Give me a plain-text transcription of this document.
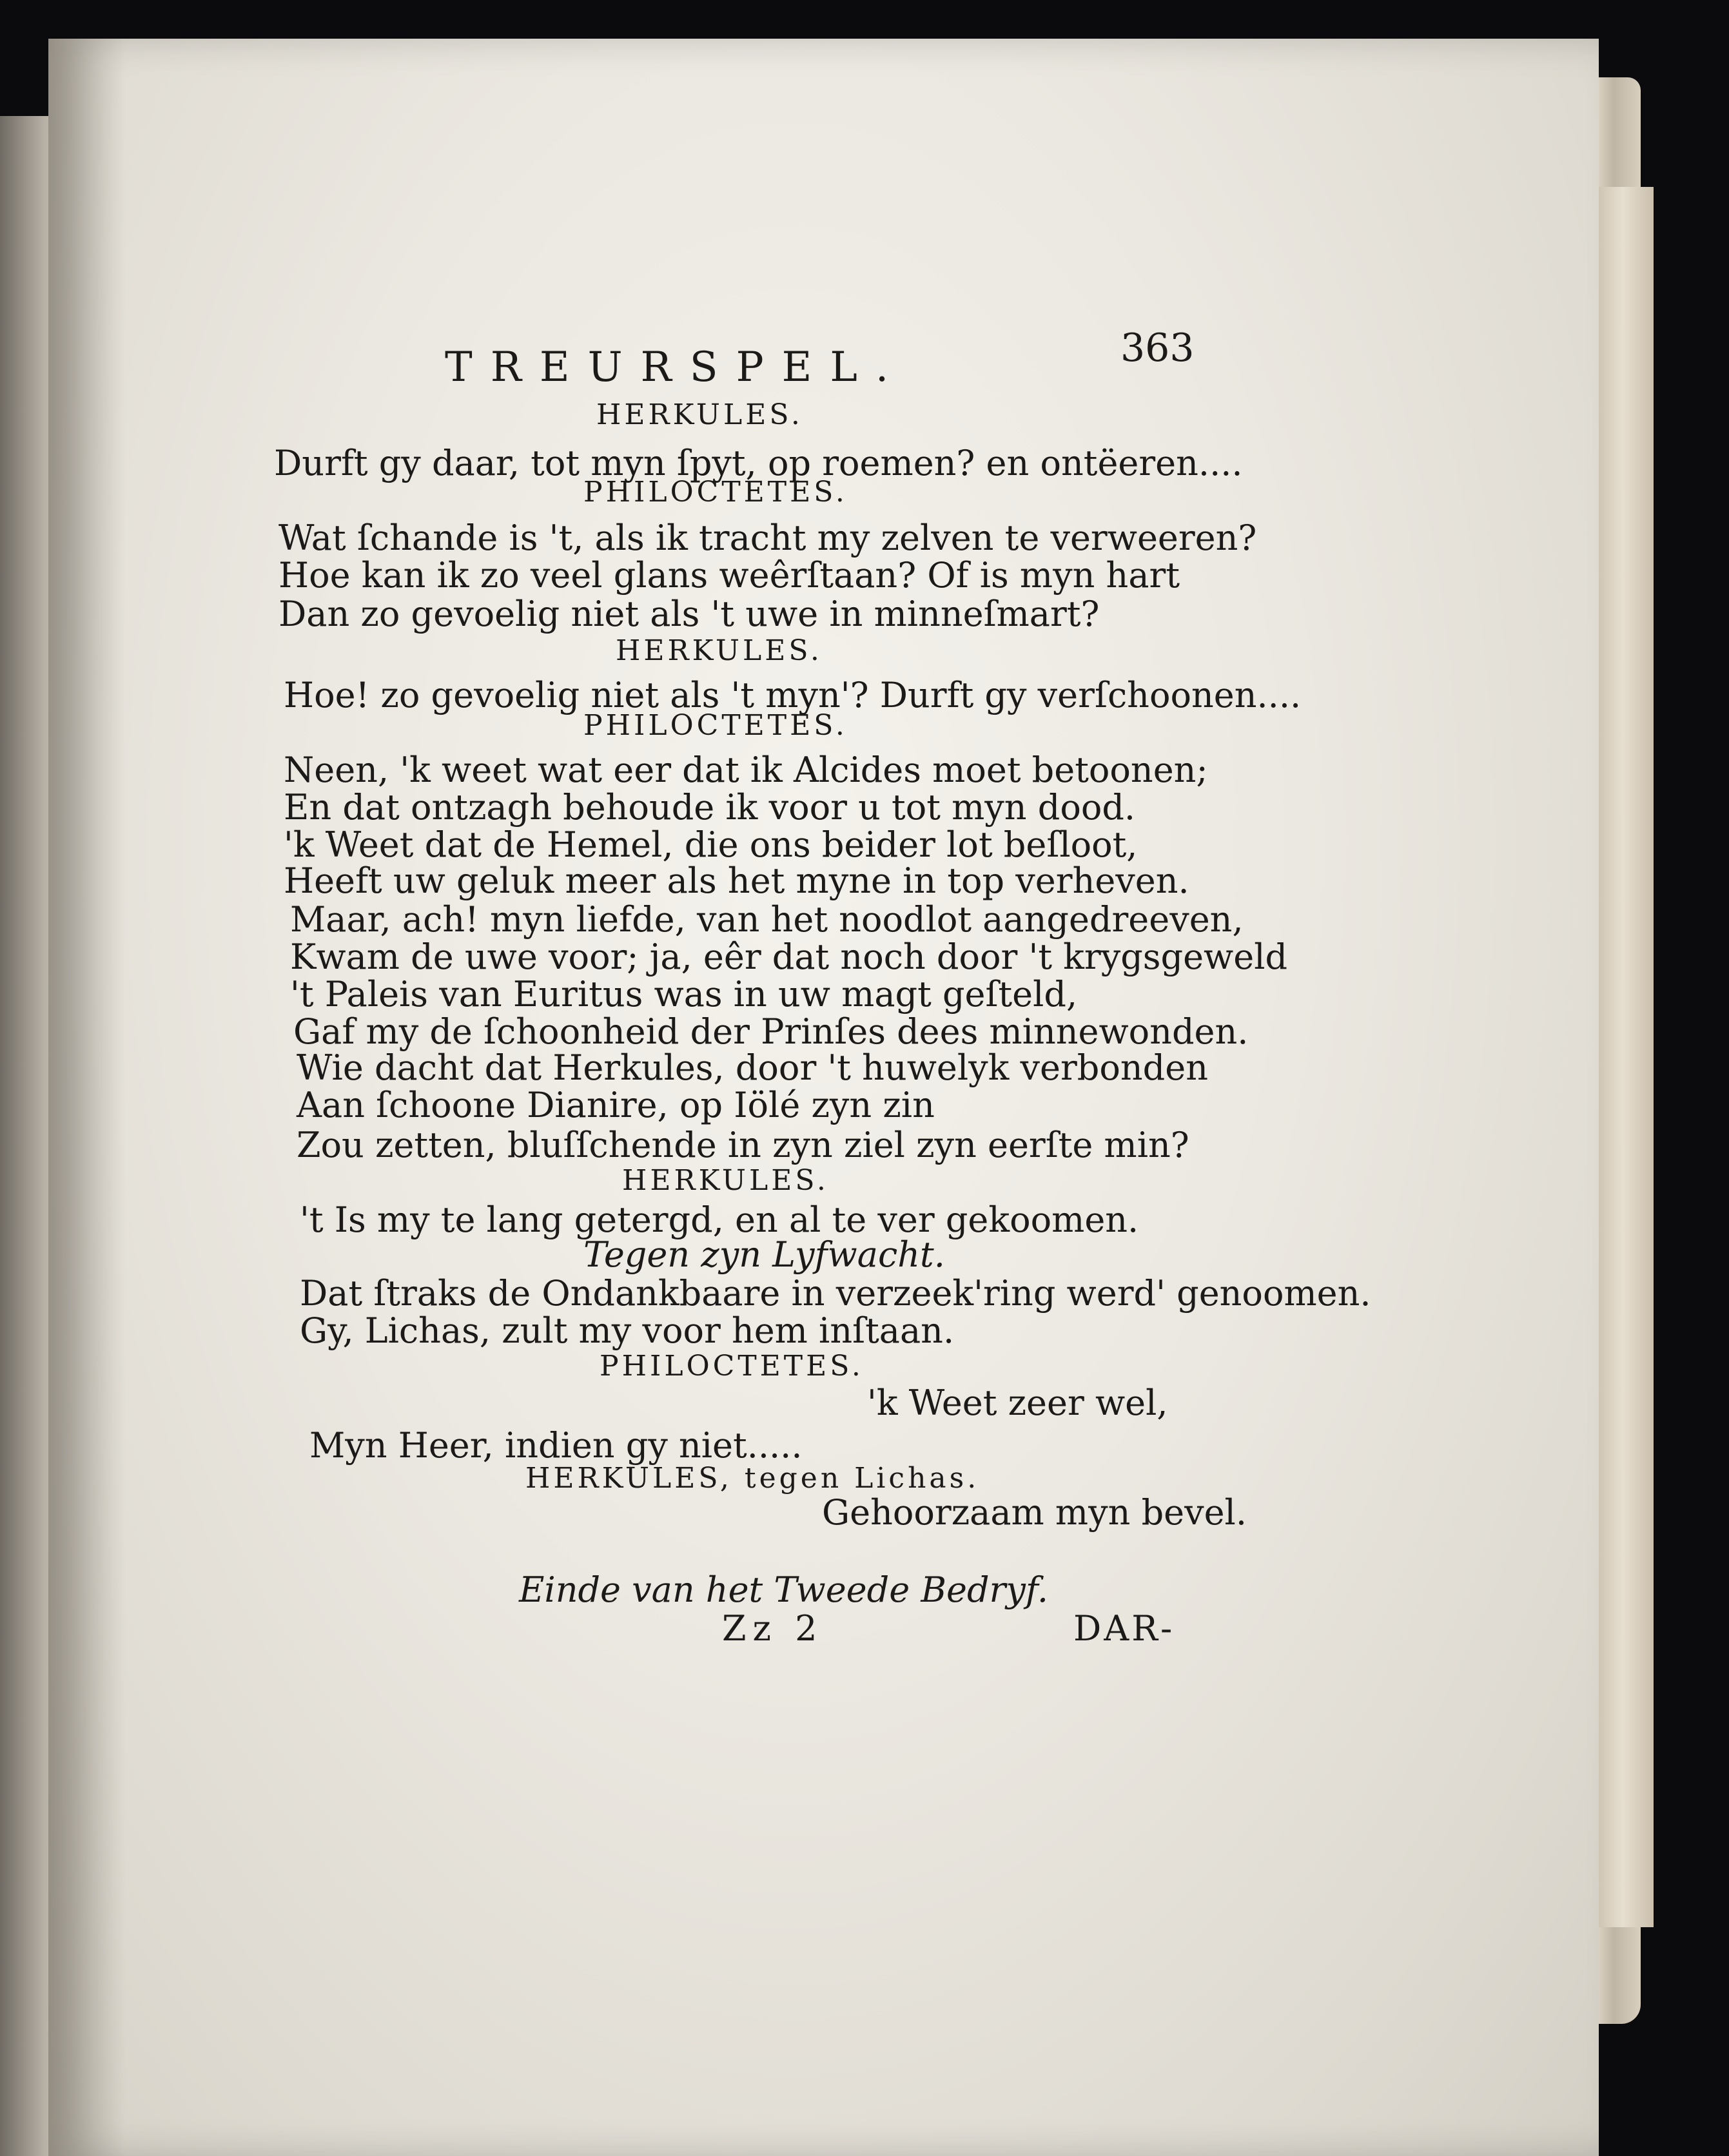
TREURSPEL.	363
HERKULES.
Durft gy daar, tot myn ſpyt, op roemen? en ontëeren....
PHILOCTETES.
Wat ſchande is 't, als ik tracht my zelven te verweeren?
Hoe kan ik zo veel glans weêrſtaan? Of is myn hart
Dan zo gevoelig niet als 't uwe in minneſmart?
HERKULES.
Hoe! zo gevoelig niet als 't myn'? Durft gy verſchoonen....
PHILOCTETES.
Neen, 'k weet wat eer dat ik Alcides moet betoonen;
En dat ontzagh behoude ik voor u tot myn dood.
'k Weet dat de Hemel, die ons beider lot beſloot,
Heeft uw geluk meer als het myne in top verheven.
Maar, ach! myn liefde, van het noodlot aangedreeven,
Kwam de uwe voor; ja, eêr dat noch door 't krygsgeweld
't Paleis van Euritus was in uw magt geſteld,
Gaf my de ſchoonheid der Prinſes dees minnewonden.
Wie dacht dat Herkules, door 't huwelyk verbonden
Aan ſchoone Dianire, op Iölé zyn zin
Zou zetten, bluſſchende in zyn ziel zyn eerſte min?
HERKULES.
't Is my te lang getergd, en al te ver gekoomen.
Tegen zyn Lyfwacht.
Dat ſtraks de Ondankbaare in verzeek'ring werd' genoomen.
Gy, Lichas, zult my voor hem inſtaan.
PHILOCTETES.
'k Weet zeer wel,
Myn Heer, indien gy niet.....
HERKULES, tegen Lichas.
Gehoorzaam myn bevel.
Einde van het Tweede Bedryf.
Zz 2	DAR-
